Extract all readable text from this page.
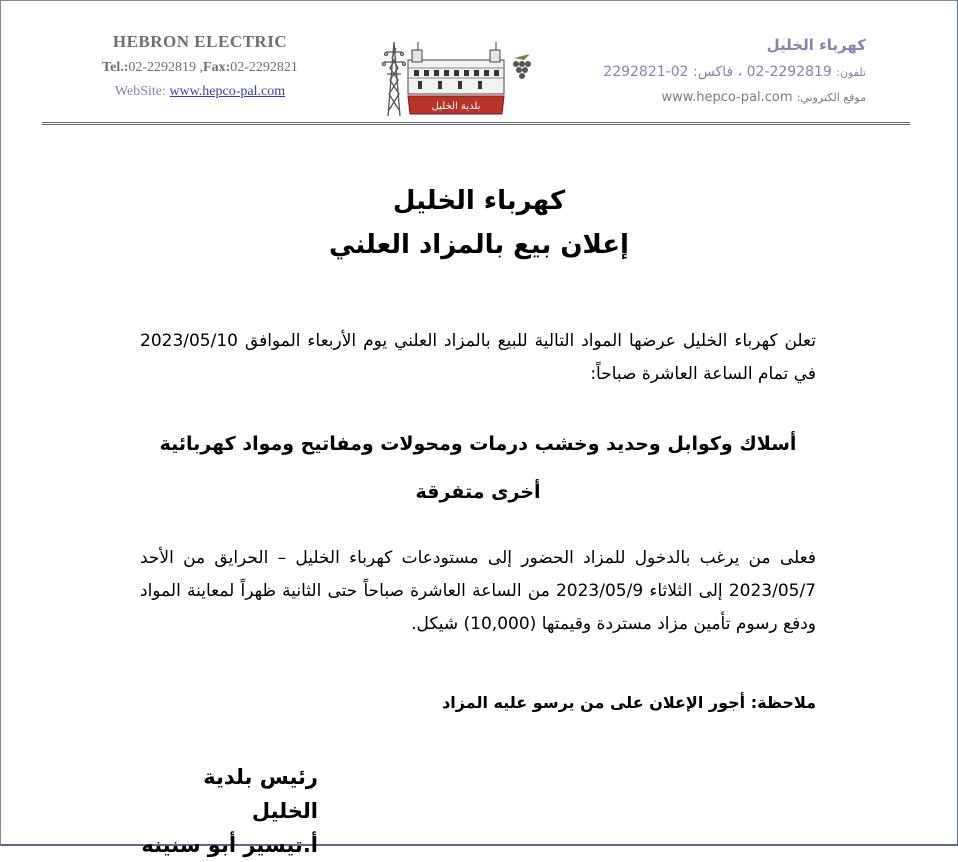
HEBRON ELECTRIC
Tel.:02-2292819 ,Fax:02-2292821
WebSite: www.hepco-pal.com
بلدية الخليل
كهرباء الخليل
تلفون: 02-2292819 ، فاكس: 02-2292821
موقع الكتروني: www.hepco-pal.com
كهرباء الخليل
إعلان بيع بالمزاد العلني
تعلن كهرباء الخليل عرضها المواد التالية للبيع بالمزاد العلني يوم الأربعاء الموافق 2023/05/10 في تمام الساعة العاشرة صباحاً:
أسلاك وكوابل وحديد وخشب درمات ومحولات ومفاتيح ومواد كهربائية
أخرى متفرقة
فعلى من يرغب بالدخول للمزاد الحضور إلى مستودعات كهرباء الخليل – الحرايق من الأحد 2023/05/7 إلى الثلاثاء 2023/05/9 من الساعة العاشرة صباحاً حتى الثانية ظهراً لمعاينة المواد ودفع رسوم تأمين مزاد مستردة وقيمتها (10,000) شيكل.
ملاحظة: أجور الإعلان على من يرسو عليه المزاد
رئيس بلدية الخليل
أ.تيسير أبو سنينه
